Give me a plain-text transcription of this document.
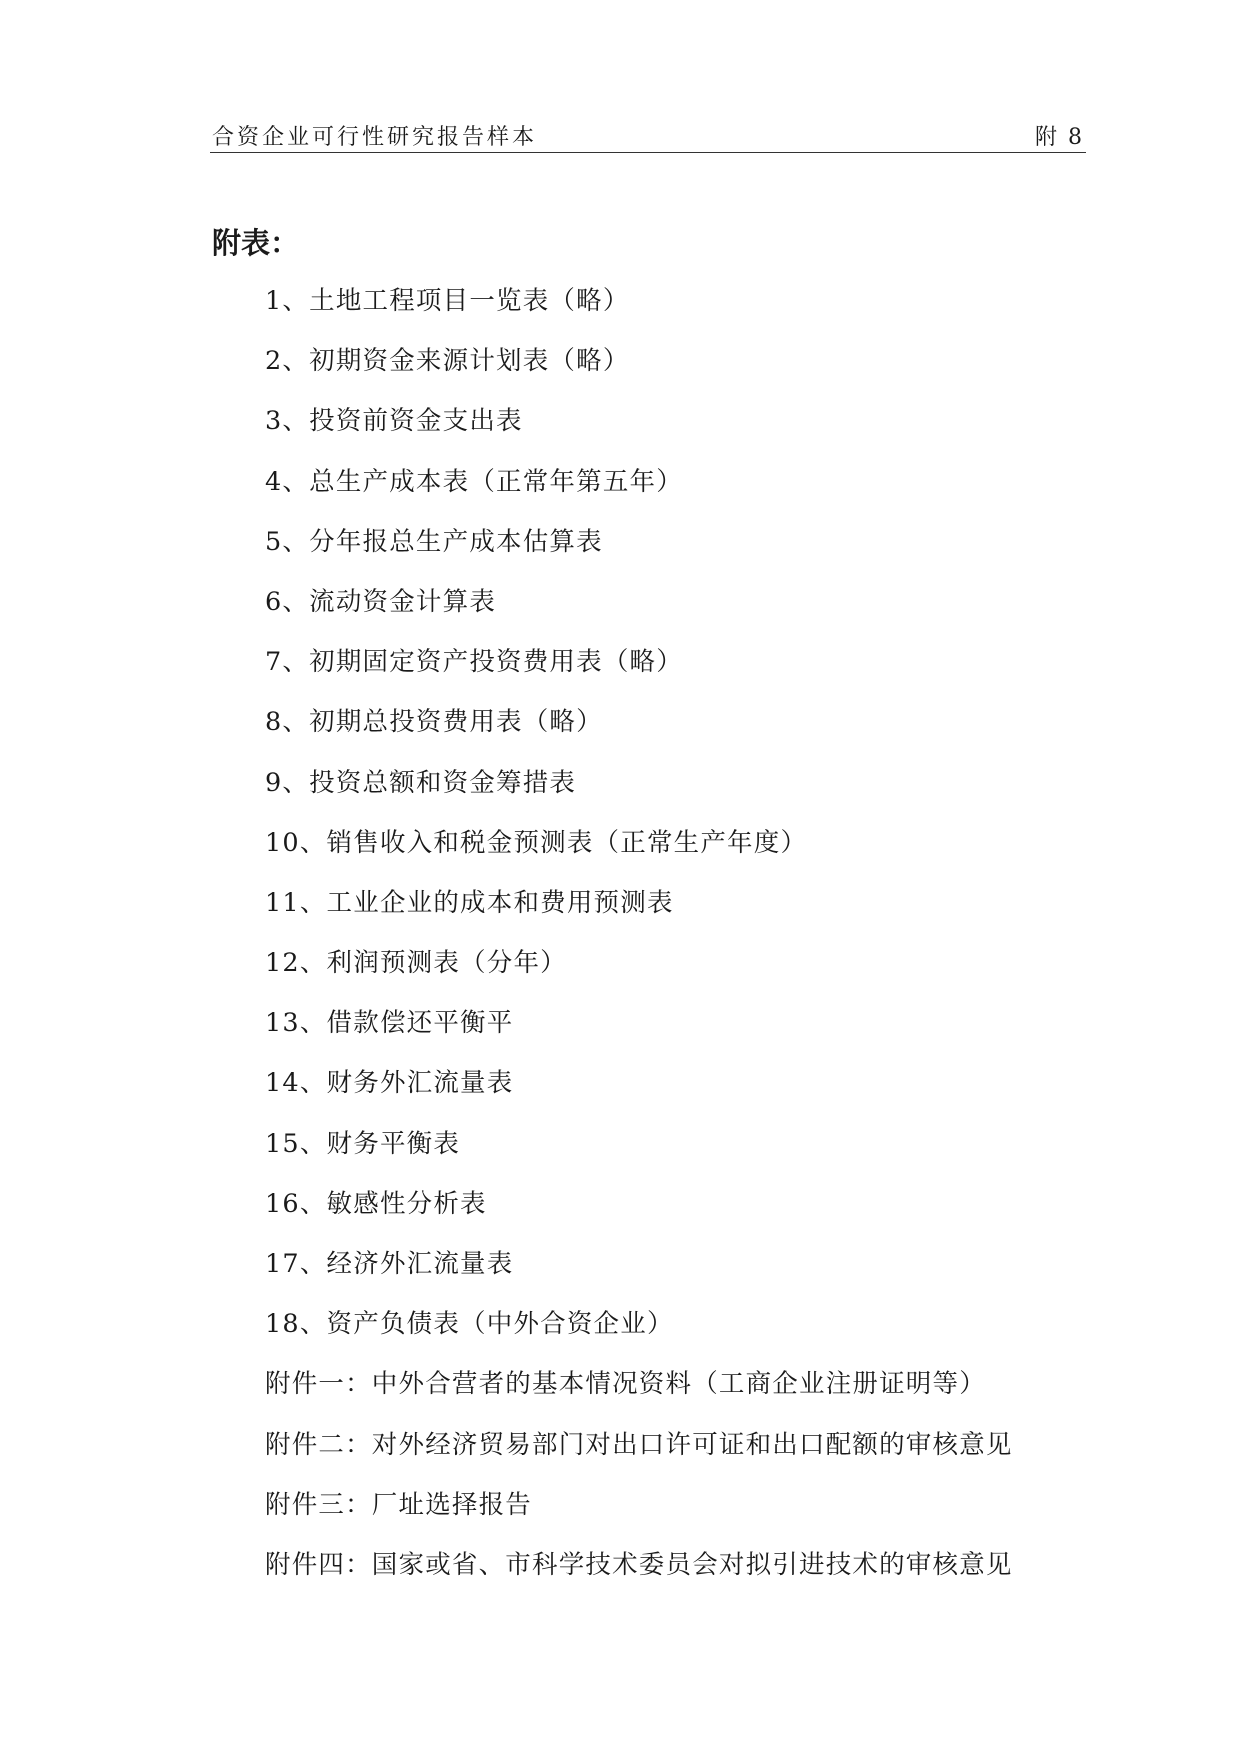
合资企业可行性研究报告样本	附 8
附表：
1、土地工程项目一览表（略）
2、初期资金来源计划表（略）
3、投资前资金支出表
4、总生产成本表（正常年第五年）
5、分年报总生产成本估算表
6、流动资金计算表
7、初期固定资产投资费用表（略）
8、初期总投资费用表（略）
9、投资总额和资金筹措表
10、销售收入和税金预测表（正常生产年度）
11、工业企业的成本和费用预测表
12、利润预测表（分年）
13、借款偿还平衡平
14、财务外汇流量表
15、财务平衡表
16、敏感性分析表
17、经济外汇流量表
18、资产负债表（中外合资企业）
附件一：中外合营者的基本情况资料（工商企业注册证明等）
附件二：对外经济贸易部门对出口许可证和出口配额的审核意见
附件三：厂址选择报告
附件四：国家或省、市科学技术委员会对拟引进技术的审核意见
